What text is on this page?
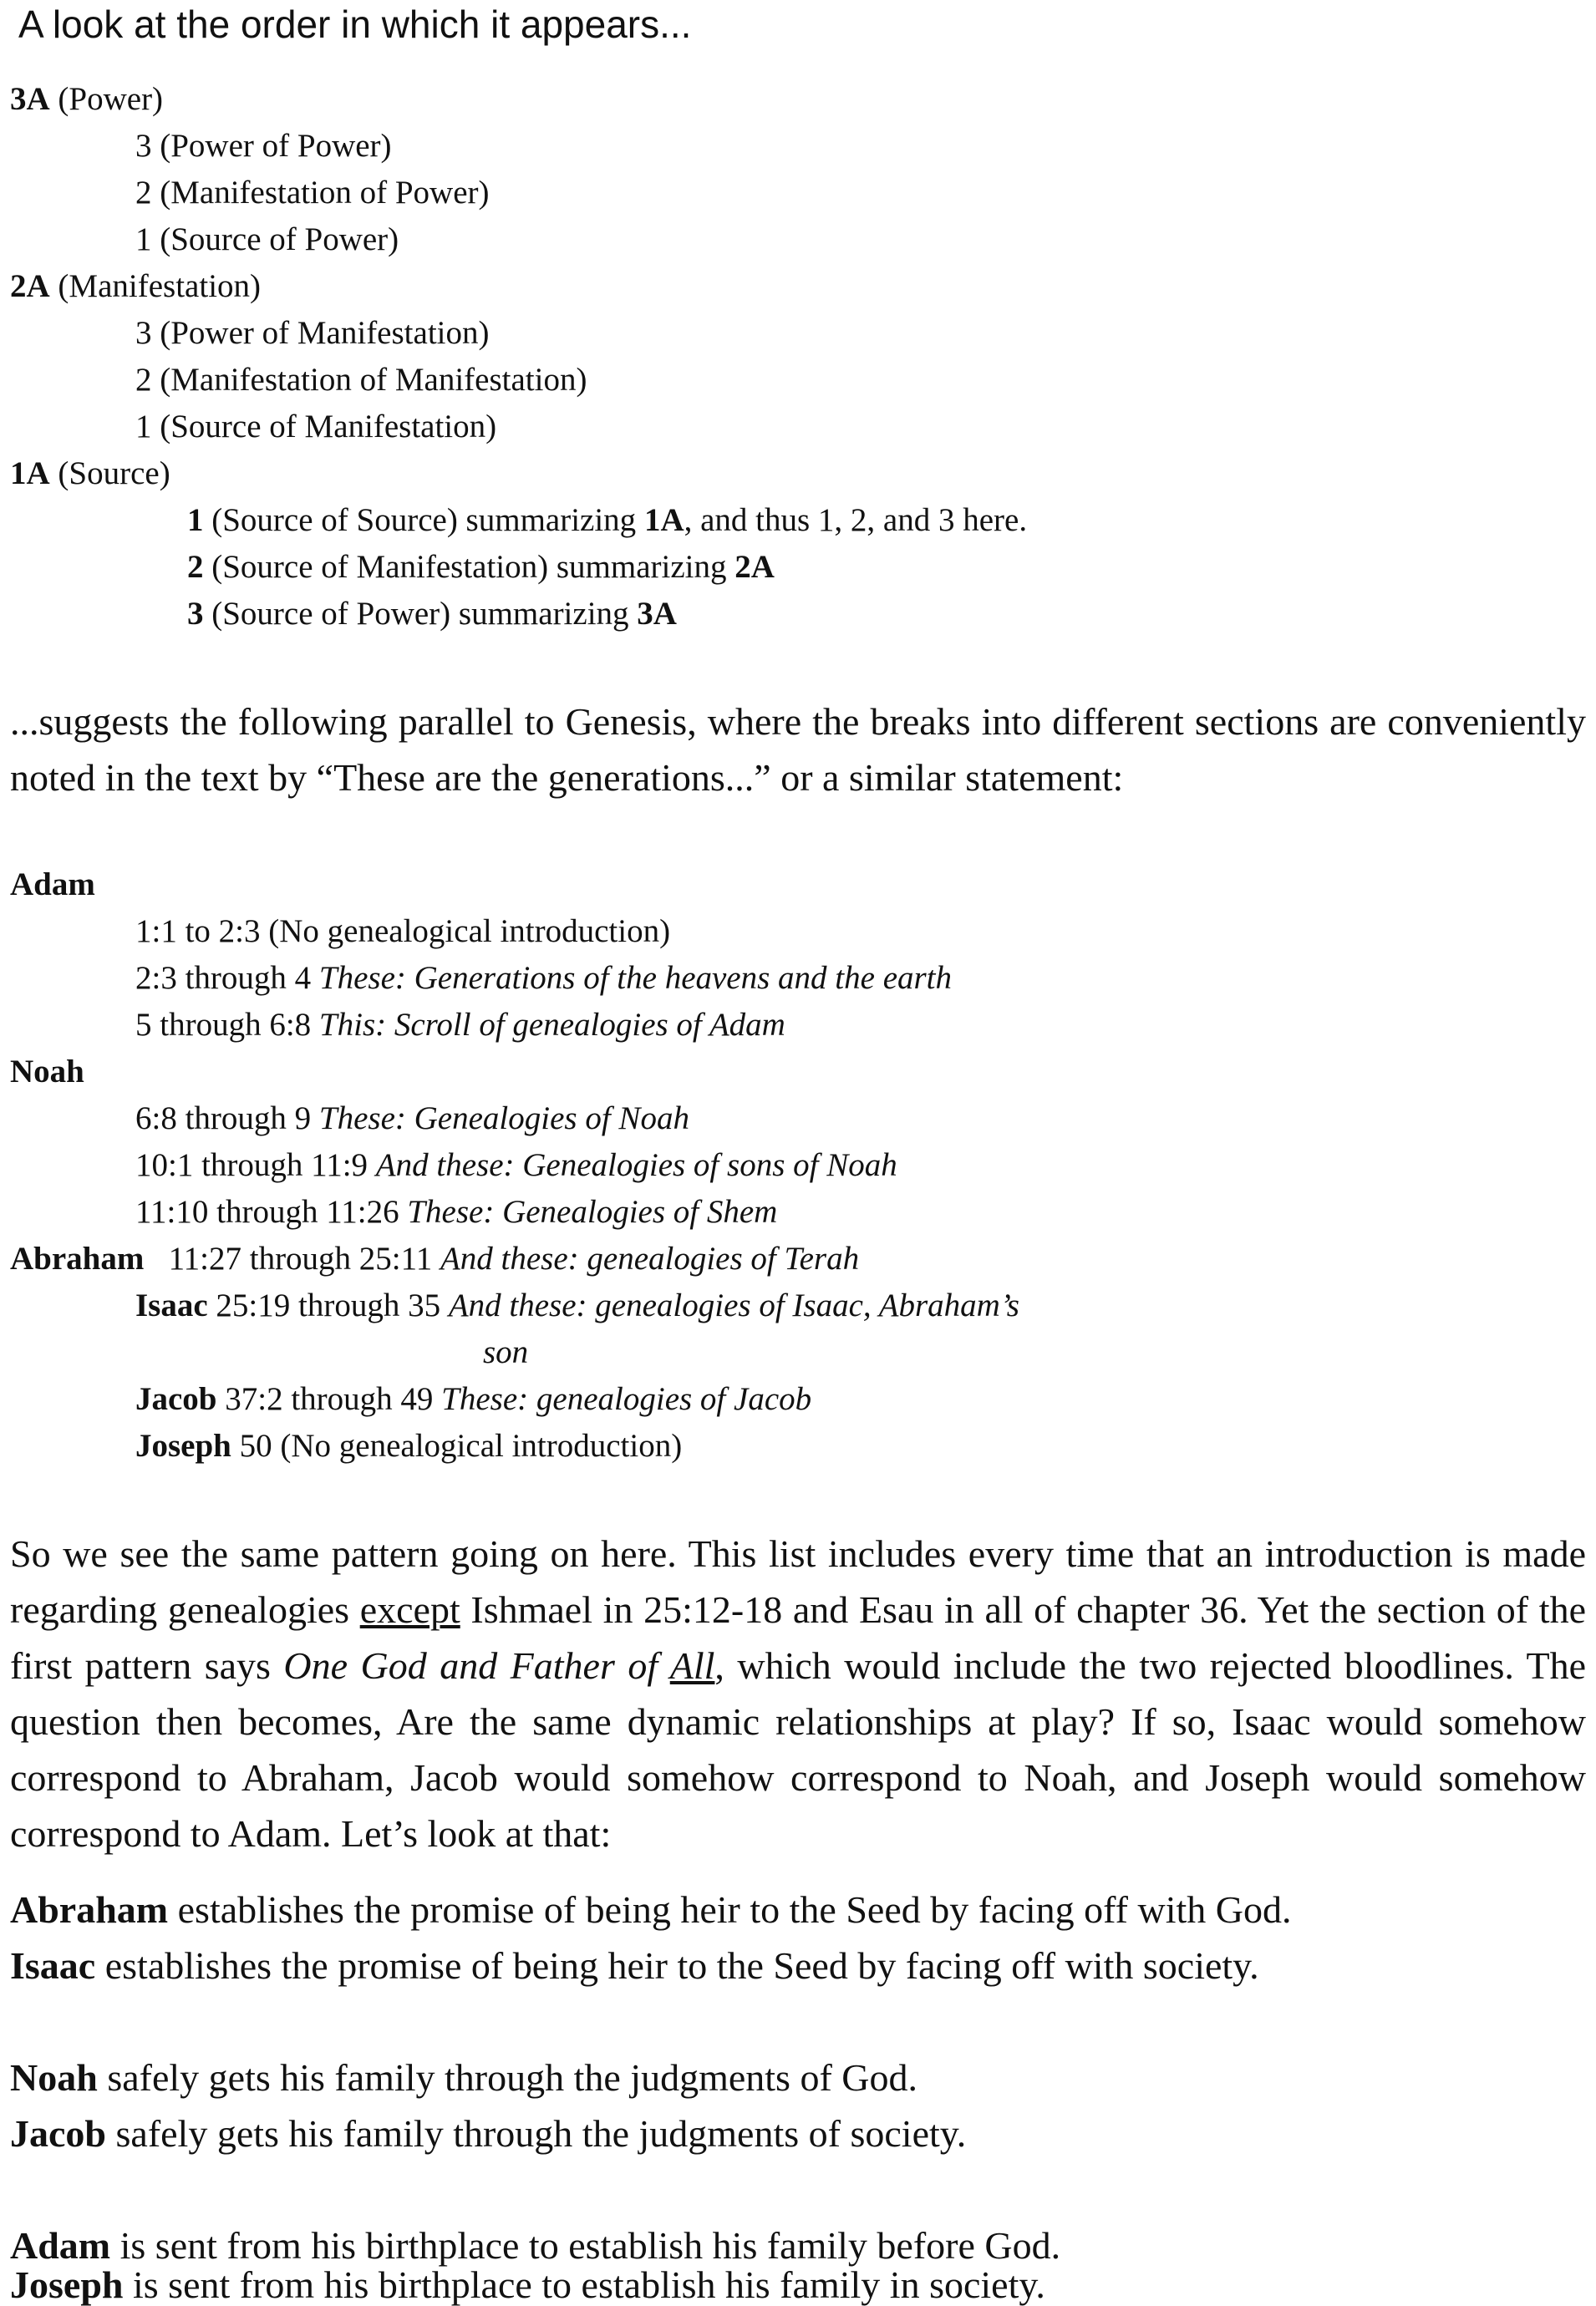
A look at the order in which it appears...
3A (Power)
3 (Power of Power)
2 (Manifestation of Power)
1 (Source of Power)
2A (Manifestation)
3 (Power of Manifestation)
2 (Manifestation of Manifestation)
1 (Source of Manifestation)
1A (Source)
1 (Source of Source) summarizing 1A, and thus 1, 2, and 3 here.
2 (Source of Manifestation) summarizing 2A
3 (Source of Power) summarizing 3A
...suggests the following parallel to Genesis, where the breaks into different sections are conveniently noted in the text by “These are the generations...” or a similar statement:
Adam
1:1 to 2:3 (No genealogical introduction)
2:3 through 4 These: Generations of the heavens and the earth
5 through 6:8 This: Scroll of genealogies of Adam
Noah
6:8 through 9 These: Genealogies of Noah
10:1 through 11:9 And these: Genealogies of sons of Noah
11:10 through 11:26 These: Genealogies of Shem
Abraham 11:27 through 25:11 And these: genealogies of Terah
Isaac 25:19 through 35 And these: genealogies of Isaac, Abraham’s
son
Jacob 37:2 through 49 These: genealogies of Jacob
Joseph 50 (No genealogical introduction)
So we see the same pattern going on here. This list includes every time that an introduction is made regarding genealogies except Ishmael in 25:12-18 and Esau in all of chapter 36. Yet the section of the first pattern says One God and Father of All, which would include the two rejected bloodlines. The question then becomes, Are the same dynamic relationships at play? If so, Isaac would somehow correspond to Abraham, Jacob would somehow correspond to Noah, and Joseph would somehow correspond to Adam. Let’s look at that:
Abraham establishes the promise of being heir to the Seed by facing off with God.
Isaac establishes the promise of being heir to the Seed by facing off with society.
Noah safely gets his family through the judgments of God.
Jacob safely gets his family through the judgments of society.
Adam is sent from his birthplace to establish his family before God.
Joseph is sent from his birthplace to establish his family in society.
